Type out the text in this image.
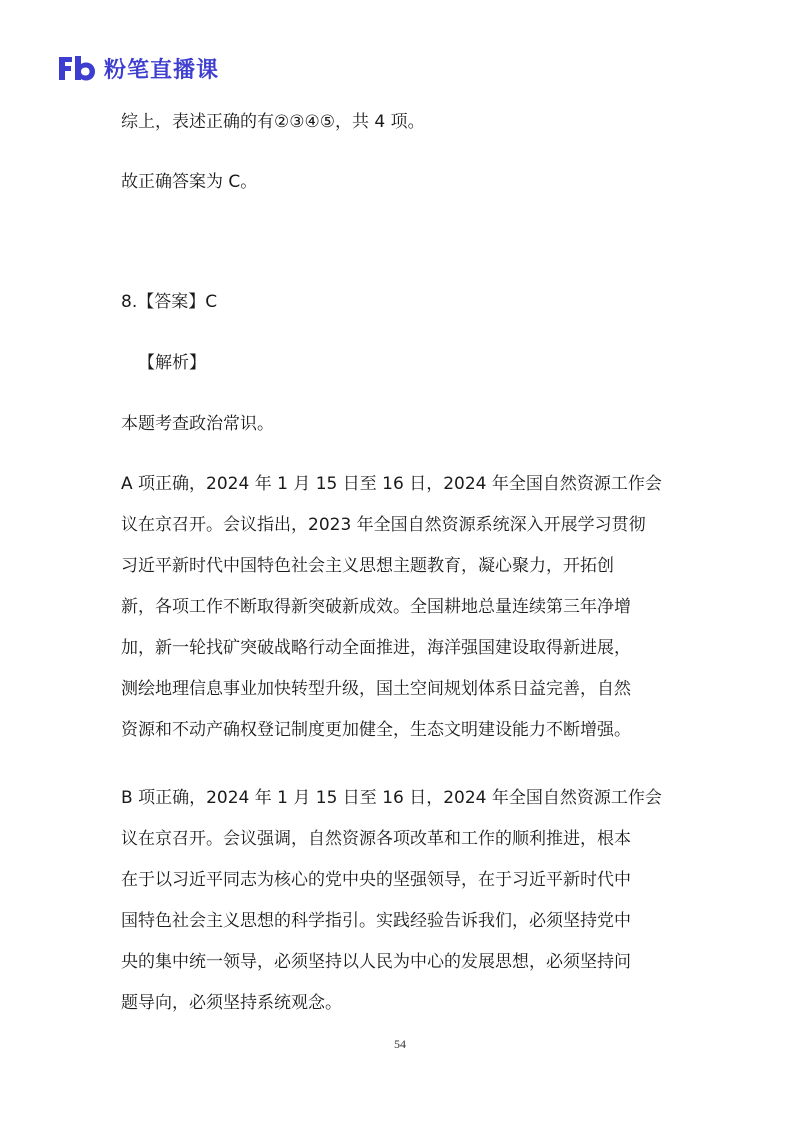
粉笔直播课
综上，表述正确的有②③④⑤，共 4 项。
故正确答案为 C。
8.【答案】C
【解析】
本题考查政治常识。
A 项正确，2024 年 1 月 15 日至 16 日，2024 年全国自然资源工作会
议在京召开。会议指出，2023 年全国自然资源系统深入开展学习贯彻
习近平新时代中国特色社会主义思想主题教育，凝心聚力，开拓创
新，各项工作不断取得新突破新成效。全国耕地总量连续第三年净增
加，新一轮找矿突破战略行动全面推进，海洋强国建设取得新进展，
测绘地理信息事业加快转型升级，国土空间规划体系日益完善，自然
资源和不动产确权登记制度更加健全，生态文明建设能力不断增强。
B 项正确，2024 年 1 月 15 日至 16 日，2024 年全国自然资源工作会
议在京召开。会议强调，自然资源各项改革和工作的顺利推进，根本
在于以习近平同志为核心的党中央的坚强领导，在于习近平新时代中
国特色社会主义思想的科学指引。实践经验告诉我们，必须坚持党中
央的集中统一领导，必须坚持以人民为中心的发展思想，必须坚持问
题导向，必须坚持系统观念。
54
